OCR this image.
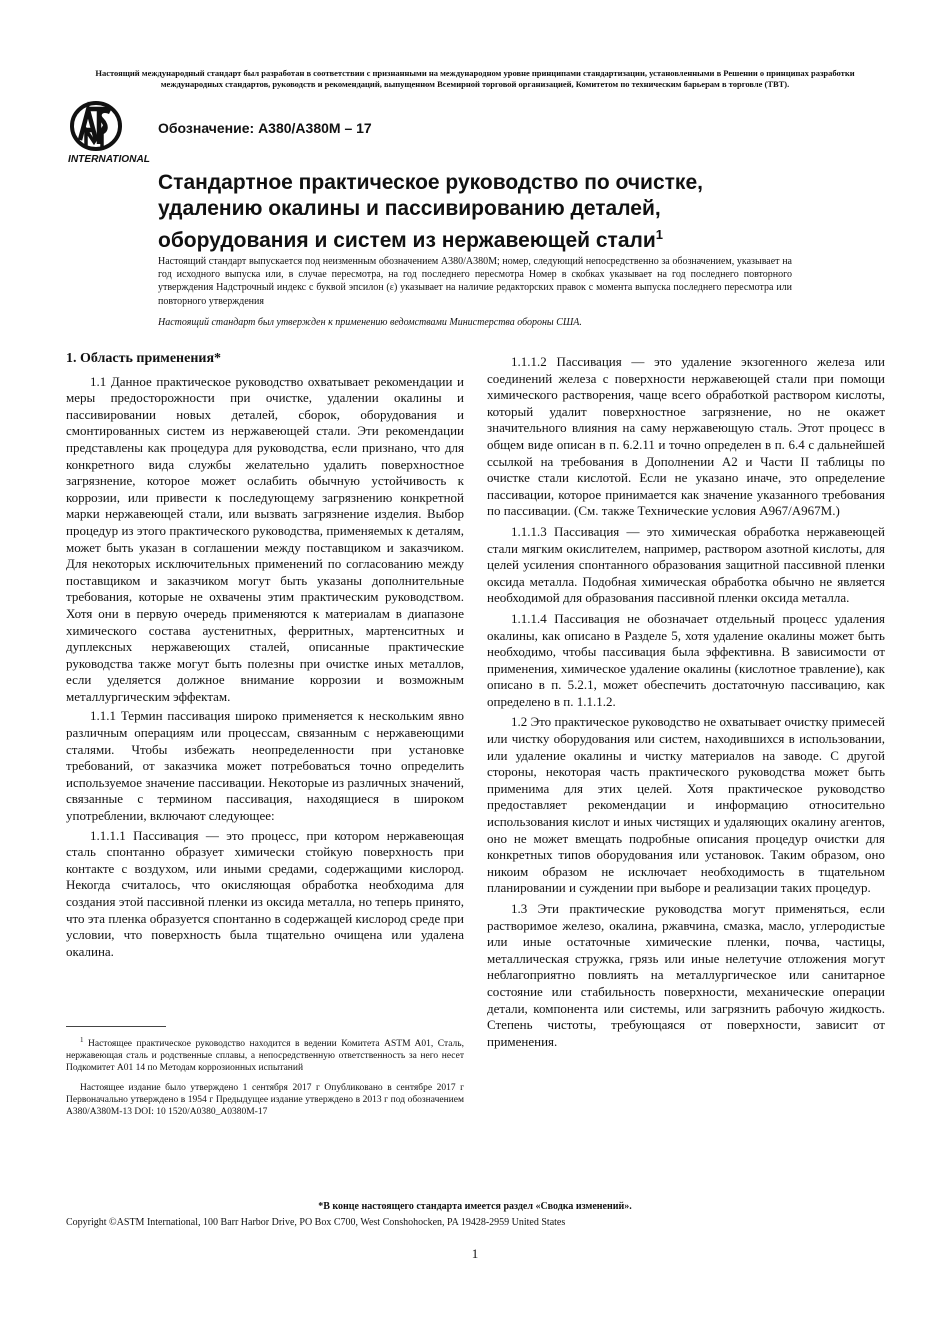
Настоящий международный стандарт был разработан в соответствии с признанными на международном уровне принципами стандартизации, установленными в Решении о принципах разработки международных стандартов, руководств и рекомендаций, выпущенном Всемирной торговой организацией, Комитетом по техническим барьерам в торговле (ТВТ).

INTERNATIONAL

Обозначение: A380/A380M – 17

Стандартное практическое руководство по очистке, удалению окалины и пассивированию деталей, оборудования и систем из нержавеющей стали$^1$

Настоящий стандарт выпускается под неизменным обозначением A380/A380M; номер, следующий непосредственно за обозначением, указывает на год исходного выпуска или, в случае пересмотра, на год последнего пересмотра Номер в скобках указывает на год последнего повторного утверждения Надстрочный индекс с буквой эпсилон (ε) указывает на наличие редакторских правок с момента выпуска последнего пересмотра или повторного утверждения

Настоящий стандарт был утвержден к применению ведомствами Министерства обороны США.

1. Область применения*

1.1 Данное практическое руководство охватывает рекомендации и меры предосторожности при очистке, удалении окалины и пассивировании новых деталей, сборок, оборудования и смонтированных систем из нержавеющей стали. Эти рекомендации представлены как процедура для руководства, если признано, что для конкретного вида службы желательно удалить поверхностное загрязнение, которое может ослабить обычную устойчивость к коррозии, или привести к последующему загрязнению конкретной марки нержавеющей стали, или вызвать загрязнение изделия. Выбор процедур из этого практического руководства, применяемых к деталям, может быть указан в соглашении между поставщиком и заказчиком. Для некоторых исключительных применений по согласованию между поставщиком и заказчиком могут быть указаны дополнительные требования, которые не охвачены этим практическим руководством. Хотя они в первую очередь применяются к материалам в диапазоне химического состава аустенитных, ферритных, мартенситных и дуплексных нержавеющих сталей, описанные практические руководства также могут быть полезны при очистке иных металлов, если уделяется должное внимание коррозии и возможным металлургическим эффектам.

1.1.1 Термин пассивация широко применяется к нескольким явно различным операциям или процессам, связанным с нержавеющими сталями. Чтобы избежать неопределенности при установке требований, от заказчика может потребоваться точно определить используемое значение пассивации. Некоторые из различных значений, связанные с термином пассивация, находящиеся в широком употреблении, включают следующее:

1.1.1.1 Пассивация — это процесс, при котором нержавеющая сталь спонтанно образует химически стойкую поверхность при контакте с воздухом, или иными средами, содержащими кислород. Некогда считалось, что окисляющая обработка необходима для создания этой пассивной пленки из оксида металла, но теперь принято, что эта пленка образуется спонтанно в содержащей кислород среде при условии, что поверхность была тщательно очищена или удалена окалина.

1.1.1.2 Пассивация — это удаление экзогенного железа или соединений железа с поверхности нержавеющей стали при помощи химического растворения, чаще всего обработкой раствором кислоты, который удалит поверхностное загрязнение, но не окажет значительного влияния на саму нержавеющую сталь. Этот процесс в общем виде описан в п. 6.2.11 и точно определен в п. 6.4 с дальнейшей ссылкой на требования в Дополнении A2 и Части II таблицы по очистке стали кислотой. Если не указано иначе, это определение пассивации, которое принимается как значение указанного требования по пассивации. (См. также Технические условия A967/A967M.)

1.1.1.3 Пассивация — это химическая обработка нержавеющей стали мягким окислителем, например, раствором азотной кислоты, для целей усиления спонтанного образования защитной пассивной пленки оксида металла. Подобная химическая обработка обычно не является необходимой для образования пассивной пленки оксида металла.

1.1.1.4 Пассивация не обозначает отдельный процесс удаления окалины, как описано в Разделе 5, хотя удаление окалины может быть необходимо, чтобы пассивация была эффективна. В зависимости от применения, химическое удаление окалины (кислотное травление), как описано в п. 5.2.1, может обеспечить достаточную пассивацию, как определено в п. 1.1.1.2.

1.2 Это практическое руководство не охватывает очистку примесей или чистку оборудования или систем, находившихся в использовании, или удаление окалины и чистку материалов на заводе. С другой стороны, некоторая часть практического руководства может быть применима для этих целей. Хотя практическое руководство предоставляет рекомендации и информацию относительно использования кислот и иных чистящих и удаляющих окалину агентов, оно не может вмещать подробные описания процедур очистки для конкретных типов оборудования или установок. Таким образом, оно никоим образом не исключает необходимость в тщательном планировании и суждении при выборе и реализации таких процедур.

1.3 Эти практические руководства могут применяться, если растворимое железо, окалина, ржавчина, смазка, масло, углеродистые или иные остаточные химические пленки, почва, частицы, металлическая стружка, грязь или иные нелетучие отложения могут неблагоприятно повлиять на металлургическое или санитарное состояние или стабильность поверхности, механические операции детали, компонента или системы, или загрязнить рабочую жидкость. Степень чистоты, требующаяся от поверхности, зависит от применения.

$^1$ Настоящее практическое руководство находится в ведении Комитета ASTM A01, Сталь, нержавеющая сталь и родственные сплавы, а непосредственную ответственность за него несет Подкомитет A01 14 по Методам коррозионных испытаний

Настоящее издание было утверждено 1 сентября 2017 г Опубликовано в сентябре 2017 г Первоначально утверждено в 1954 г Предыдущее издание утверждено в 2013 г под обозначением A380/A380M-13 DOI: 10 1520/A0380_A0380M-17

*В конце настоящего стандарта имеется раздел «Сводка изменений».

Copyright ©ASTM International, 100 Barr Harbor Drive, PO Box C700, West Conshohocken, PA 19428-2959 United States

1
